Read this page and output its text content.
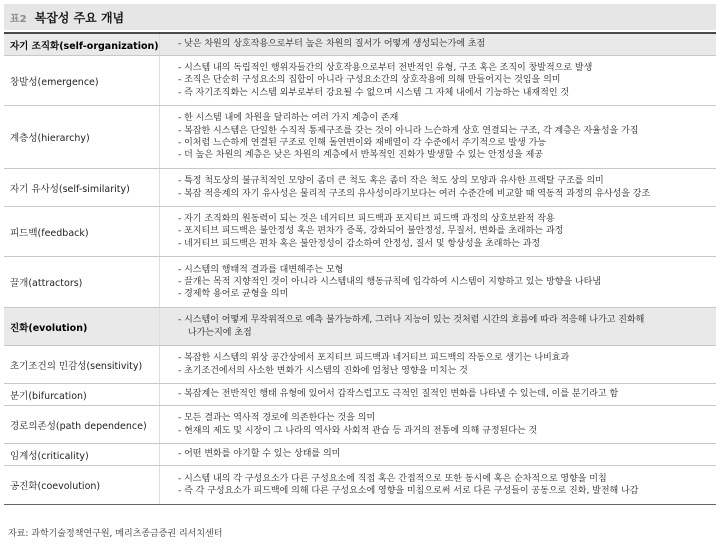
표2 복잡성 주요 개념
자기 조직화(self-organization) - 낮은 차원의 상호작용으로부터 높은 차원의 질서가 어떻게 생성되는가에 초점
창발성(emergence)
- 시스템 내의 독립적인 행위자들간의 상호작용으로부터 전반적인 유형, 구조 혹은 조직이 창발적으로 발생
- 조직은 단순히 구성요소의 집합이 아니라 구성요소간의 상호작용에 의해 만들어지는 것임을 의미
- 즉 자기조직화는 시스템 외부로부터 강요될 수 없으며 시스템 그 자체 내에서 기능하는 내재적인 것
계층성(hierarchy)
- 한 시스템 내에 차원을 달리하는 여러 가지 계층이 존재
- 복잡한 시스템은 단일한 수직적 통제구조를 갖는 것이 아니라 느슨하게 상호 연결되는 구조, 각 계층은 자율성을 가짐
- 이처럼 느슨하게 연결된 구조로 인해 돌연변이와 재배열이 각 수준에서 주기적으로 발생 가능
- 더 높은 차원의 계층은 낮은 차원의 계층에서 반복적인 진화가 발생할 수 있는 안정성을 제공
자기 유사성(self-similarity)
- 특정 척도상의 불규칙적인 모양이 좀더 큰 척도 혹은 좀더 작은 척도 상의 모양과 유사한 프랙탈 구조를 의미
- 복잡 적응계의 자기 유사성은 물리적 구조의 유사성이라기보다는 여러 수준간에 비교할 때 역동적 과정의 유사성을 강조
피드백(feedback)
- 자기 조직화의 원동력이 되는 것은 네거티브 피드백과 포지티브 피드백 과정의 상호보완적 작용
- 포지티브 피드백은 불안정성 혹은 편차가 증폭, 강화되어 불안정성, 무질서, 변화를 초래하는 과정
- 네거티브 피드백은 편차 혹은 불안정성이 감소하여 안정성, 질서 및 항상성을 초래하는 과정
끌개(attractors)
- 시스템의 행태적 결과를 대변해주는 모형
- 끌개는 목적 지향적인 것이 아니라 시스템내의 행동규칙에 입각하여 시스템이 지향하고 있는 방향을 나타냄
- 경제학 용어로 균형을 의미
진화(evolution)
- 시스템이 어떻게 무작위적으로 예측 불가능하게, 그러나 지능이 있는 것처럼 시간의 흐름에 따라 적응해 나가고 진화해
나가는지에 초점
초기조건의 민감성(sensitivity)
- 복잡한 시스템의 위상 공간상에서 포지티브 피드백과 네거티브 피드백의 작동으로 생기는 나비효과
- 초기조건에서의 사소한 변화가 시스템의 진화에 엄청난 영향을 미치는 것
분기(bifurcation)	- 복잡계는 전반적인 행태 유형에 있어서 갑작스럽고도 극적인 질적인 변화를 나타낼 수 있는데, 이를 분기라고 함
경로의존성(path dependence)
- 모든 결과는 역사적 경로에 의존한다는 것을 의미
- 현재의 제도 및 시장이 그 나라의 역사와 사회적 관습 등 과거의 전통에 의해 규정된다는 것
임계성(criticality)	- 어떤 변화를 야기할 수 있는 상태를 의미
공진화(coevolution)
- 시스템 내의 각 구성요소가 다른 구성요소에 직접 혹은 간접적으로 또한 동시에 혹은 순차적으로 영향을 미침
- 즉 각 구성요소가 피드백에 의해 다른 구성요소에 영향을 미침으로써 서로 다른 구성들이 공동으로 진화, 발전해 나감
자료: 과학기술정책연구원, 메리츠종금증권 리서치센터
